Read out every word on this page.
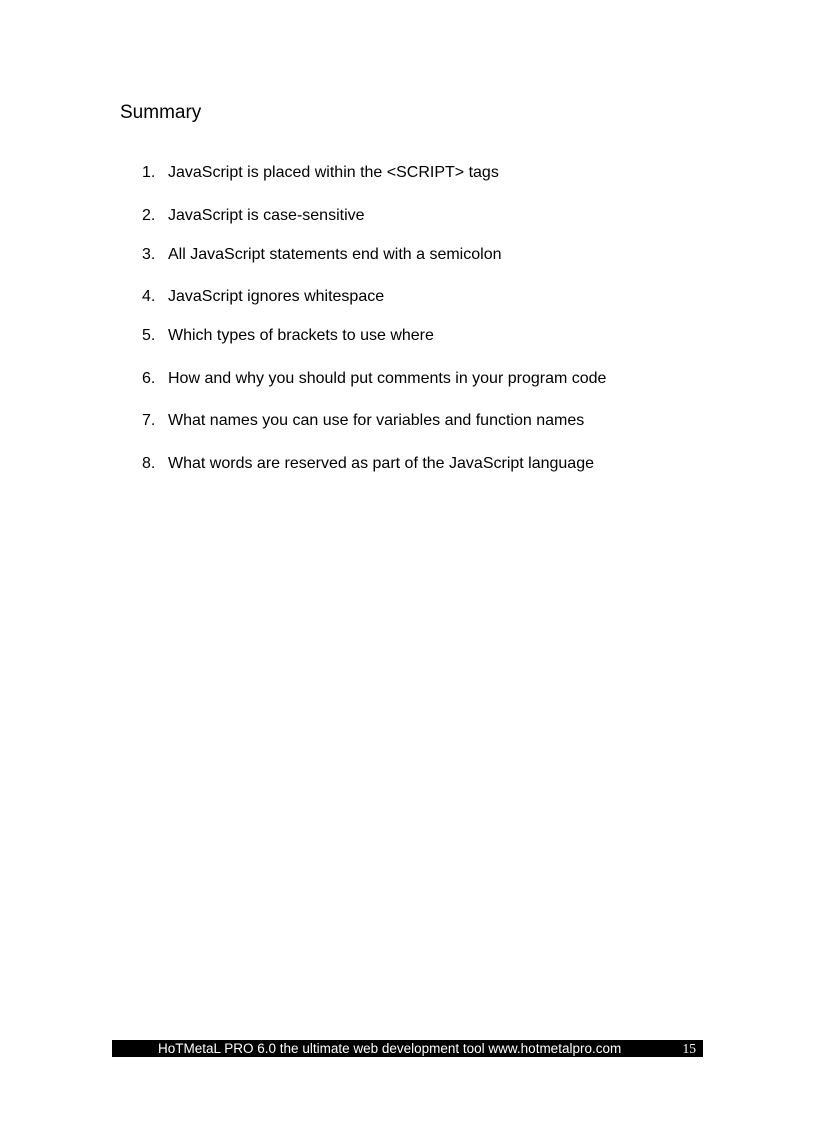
Summary
1. JavaScript is placed within the <SCRIPT> tags
2. JavaScript is case-sensitive
3. All JavaScript statements end with a semicolon
4. JavaScript ignores whitespace
5. Which types of brackets to use where
6. How and why you should put comments in your program code
7. What names you can use for variables and function names
8. What words are reserved as part of the JavaScript language
HoTMetaL PRO 6.0 the ultimate web development tool www.hotmetalpro.com	15
